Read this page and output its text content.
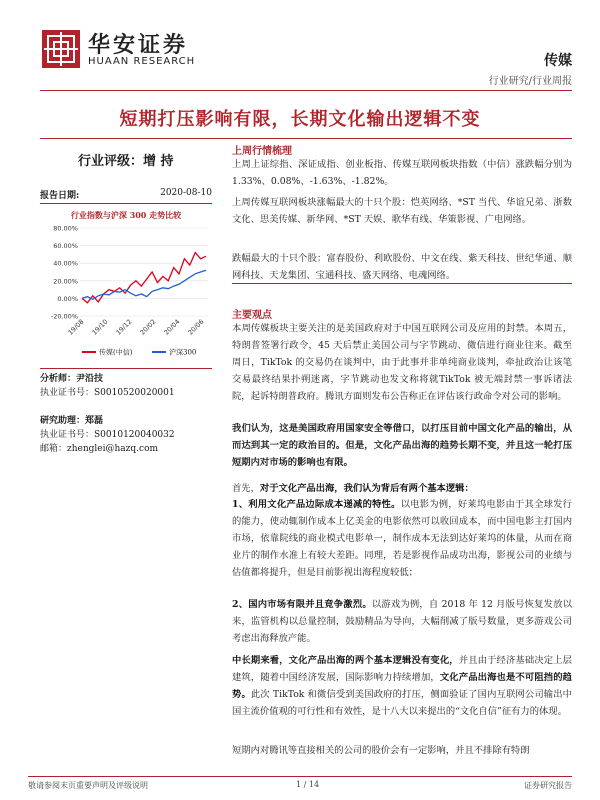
华安证券
HUAAN RESEARCH	传媒
行业研究/行业周报
短期打压影响有限，长期文化输出逻辑不变
行业评级：增 持
报告日期:	2020-08-10
行业指数与沪深 300 走势比较
80.00%
60.00%
40.00%
20.00%
0.00%
-20.00%
19/08 19/10 19/12 20/02 20/04 20/06
传媒(中信)	沪深300
分析师：尹沿技
执业证书号：S0010520020001
研究助理：郑磊
执业证书号：S0010120040032
邮箱：zhenglei@hazq.com
上周行情梳理
上周上证综指、深证成指、创业板指、传媒互联网板块指数（中信）涨跌幅分别为 1.33%、0.08%、-1.63%、-1.82%。
上周传媒互联网板块涨幅最大的十只个股：恺英网络、*ST 当代、华谊兄弟、浙数文化、思美传媒、新华网、*ST 天娱、歌华有线、华策影视、广电网络。
跌幅最大的十只个股：富春股份、利欧股份、中文在线、紫天科技、世纪华通、顺网科技、天龙集团、宝通科技、盛天网络、电魂网络。
主要观点
本周传媒板块主要关注的是美国政府对于中国互联网公司及应用的封禁。本周五，特朗普签署行政令，45 天后禁止美国公司与字节跳动、微信进行商业往来。截至周日，TikTok 的交易仍在谈判中，由于此事并非单纯商业谈判，牵扯政治让该笔交易最终结果扑朔迷离，字节跳动也发文称将就TikTok 被无端封禁一事诉诸法院，起诉特朗普政府。腾讯方面则发布公告称正在评估该行政命令对公司的影响。
我们认为，这是美国政府用国家安全等借口，以打压目前中国文化产品的输出，从而达到其一定的政治目的。但是，文化产品出海的趋势长期不变，并且这一轮打压短期内对市场的影响也有限。
首先，对于文化产品出海，我们认为背后有两个基本逻辑：
1、利用文化产品边际成本递减的特性。以电影为例，好莱坞电影由于其全球发行的能力，使动辄制作成本上亿美金的电影依然可以收回成本，而中国电影主打国内市场，依靠院线的商业模式电影单一，制作成本无法到达好莱坞的体量，从而在商业片的制作水准上有较大差距。同理，若是影视作品成功出海，影视公司的业绩与估值都将提升，但是目前影视出海程度较低；
2、国内市场有限并且竞争激烈。以游戏为例，自 2018 年 12 月版号恢复发放以来，监管机构以总量控制，鼓励精品为导向，大幅削减了版号数量，更多游戏公司考虑出海释放产能。
中长期来看，文化产品出海的两个基本逻辑没有变化，并且由于经济基础决定上层建筑，随着中国经济发展，国际影响力持续增加，文化产品出海也是不可阻挡的趋势。此次 TikTok 和微信受到美国政府的打压，侧面验证了国内互联网公司输出中国主流价值观的可行性和有效性，是十八大以来提出的“文化自信”征有力的体现。
短期内对腾讯等直接相关的公司的股价会有一定影响，并且不排除有特朗
敬请参阅末页重要声明及评级说明	1 / 14	证券研究报告
